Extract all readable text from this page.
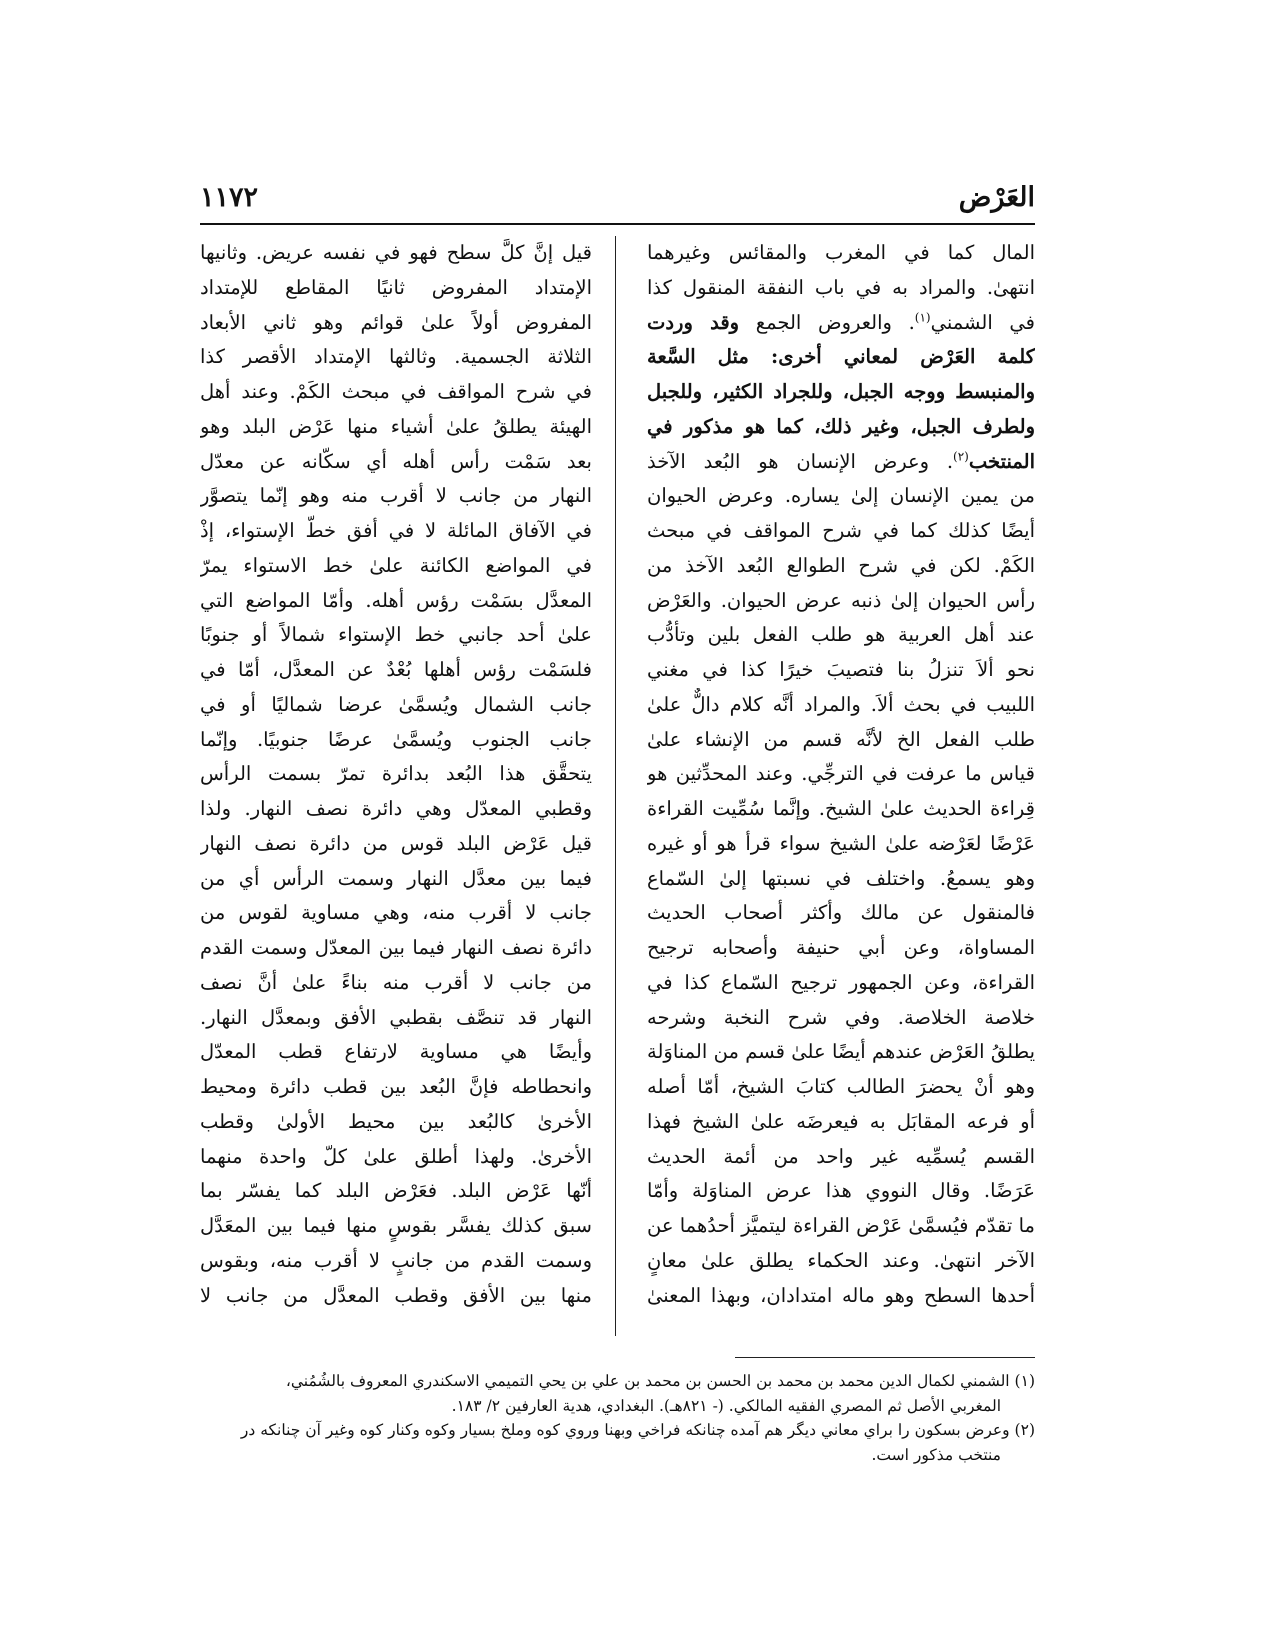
العَرْض
١١٧٢
المال كما في المغرب والمقائس وغيرهما
انتهىٰ. والمراد به في باب النفقة المنقول كذا
في الشمني$^{(١)}$. والعروض الجمع وقد وردت
كلمة العَرْض لمعاني أخرى: مثل السَّعة
والمنبسط ووجه الجبل، وللجراد الكثير، وللجبل
ولطرف الجبل، وغير ذلك، كما هو مذكور في
المنتخب$^{(٢)}$. وعرض الإنسان هو البُعد الآخذ
من يمين الإنسان إلىٰ يساره. وعرض الحيوان
أيضًا كذلك كما في شرح المواقف في مبحث
الكَمْ. لكن في شرح الطوالع البُعد الآخذ من
رأس الحيوان إلىٰ ذنبه عرض الحيوان. والعَرْض
عند أهل العربية هو طلب الفعل بلين وتأدُّب
نحو ألاَ تنزلُ بنا فتصيبَ خيرًا كذا في مغني
اللبيب في بحث ألاَ. والمراد أنَّه كلام دالٌّ علىٰ
طلب الفعل الخ لأنَّه قسم من الإنشاء علىٰ
قياس ما عرفت في الترجِّي. وعند المحدِّثين هو
قِراءة الحديث علىٰ الشيخ. وإنَّما سُمِّيت القراءة
عَرْضًا لعَرْضه علىٰ الشيخ سواء قرأ هو أو غيره
وهو يسمعُ. واختلف في نسبتها إلىٰ السّماع
فالمنقول عن مالك وأكثر أصحاب الحديث
المساواة، وعن أبي حنيفة وأصحابه ترجيح
القراءة، وعن الجمهور ترجيح السّماع كذا في
خلاصة الخلاصة. وفي شرح النخبة وشرحه
يطلقُ العَرْض عندهم أيضًا علىٰ قسم من المناوَلة
وهو أنْ يحضرَ الطالب كتابَ الشيخ، أمّا أصله
أو فرعه المقابَل به فيعرضَه علىٰ الشيخ فهذا
القسم يُسمِّيه غير واحد من أئمة الحديث
عَرَضًا. وقال النووي هذا عرض المناوَلة وأمّا
ما تقدّم فيُسمَّىٰ عَرْض القراءة ليتميَّز أحدُهما عن
الآخر انتهىٰ. وعند الحكماء يطلق علىٰ معانٍ
أحدها السطح وهو ماله امتدادان، وبهذا المعنىٰ
قيل إنَّ كلَّ سطح فهو في نفسه عريض. وثانيها
الإمتداد المفروض ثانيًا المقاطع للإمتداد
المفروض أولاً علىٰ قوائم وهو ثاني الأبعاد
الثلاثة الجسمية. وثالثها الإمتداد الأقصر كذا
في شرح المواقف في مبحث الكَمْ. وعند أهل
الهيئة يطلقُ علىٰ أشياء منها عَرْض البلد وهو
بعد سَمْت رأس أهله أي سكّانه عن معدّل
النهار من جانب لا أقرب منه وهو إنّما يتصوَّر
في الآفاق المائلة لا في أفق خطّ الإستواء، إذْ
في المواضع الكائنة علىٰ خط الاستواء يمرّ
المعدَّل بسَمْت رؤس أهله. وأمّا المواضع التي
علىٰ أحد جانبي خط الإستواء شمالاً أو جنوبًا
فلسَمْت رؤس أهلها بُعْدٌ عن المعدَّل، أمّا في
جانب الشمال ويُسمَّىٰ عرضا شماليًا أو في
جانب الجنوب ويُسمَّىٰ عرضًا جنوبيًا. وإنّما
يتحقَّق هذا البُعد بدائرة تمرّ بسمت الرأس
وقطبي المعدّل وهي دائرة نصف النهار. ولذا
قيل عَرْض البلد قوس من دائرة نصف النهار
فيما بين معدَّل النهار وسمت الرأس أي من
جانب لا أقرب منه، وهي مساوية لقوس من
دائرة نصف النهار فيما بين المعدّل وسمت القدم
من جانب لا أقرب منه بناءً علىٰ أنَّ نصف
النهار قد تنصَّف بقطبي الأفق وبمعدَّل النهار.
وأيضًا هي مساوية لارتفاع قطب المعدّل
وانحطاطه فإنَّ البُعد بين قطب دائرة ومحيط
الأخرىٰ كالبُعد بين محيط الأولىٰ وقطب
الأخرىٰ. ولهذا أطلق علىٰ كلّ واحدة منهما
أنّها عَرْض البلد. فعَرْض البلد كما يفسّر بما
سبق كذلك يفسَّر بقوسٍ منها فيما بين المعَدَّل
وسمت القدم من جانبٍ لا أقرب منه، وبقوس
منها بين الأفق وقطب المعدَّل من جانب لا
(١) الشمني لكمال الدين محمد بن محمد بن الحسن بن محمد بن علي بن يحي التميمي الاسكندري المعروف بالشُمُني،
المغربي الأصل ثم المصري الفقيه المالكي. (- ٨٢١هـ). البغدادي، هدية العارفين ٢/ ١٨٣.
(٢) وعرض بسكون را براي معاني ديگر هم آمده چنانكه فراخي وبهنا وروي كوه وملخ بسيار وكوه وكنار كوه وغير آن چنانكه در
منتخب مذكور است.
